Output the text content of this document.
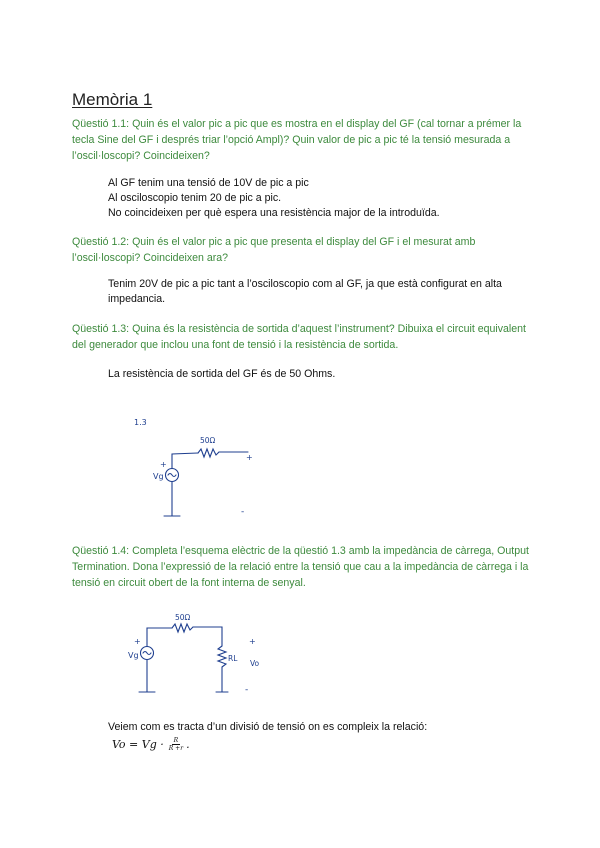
Memòria 1
Qüestió 1.1: Quin és el valor pic a pic que es mostra en el display del GF (cal tornar a prémer la tecla Sine del GF i després triar l’opció Ampl)? Quin valor de pic a pic té la tensió mesurada a l’oscil·loscopi? Coincideixen?
Al GF tenim una tensió de 10V de pic a pic
Al osciloscopio tenim 20 de pic a pic.
No coincideixen per què espera una resistència major de la introduïda.
Qüestió 1.2: Quin és el valor pic a pic que presenta el display del GF i el mesurat amb l’oscil·loscopi? Coincideixen ara?
Tenim 20V de pic a pic tant a l’osciloscopio com al GF, ja que està configurat en alta impedancia.
Qüestió 1.3: Quina és la resistència de sortida d’aquest l’instrument? Dibuixa el circuit equivalent del generador que inclou una font de tensió i la resistència de sortida.
La resistència de sortida del GF és de 50 Ohms.
1.3
50Ω
Vg
+
+
-
Qüestió 1.4: Completa l’esquema elèctric de la qüestió 1.3 amb la impedància de càrrega, Output Termination. Dona l’expressió de la relació entre la tensió que cau a la impedància de càrrega i la tensió en circuit obert de la font interna de senyal.
50Ω
Vg
+
RL
Vo
+
-
Veiem com es tracta d’un divisió de tensió on es compleix la relació:
$Vo = Vg \cdot \frac{R}{R +r}$ .
